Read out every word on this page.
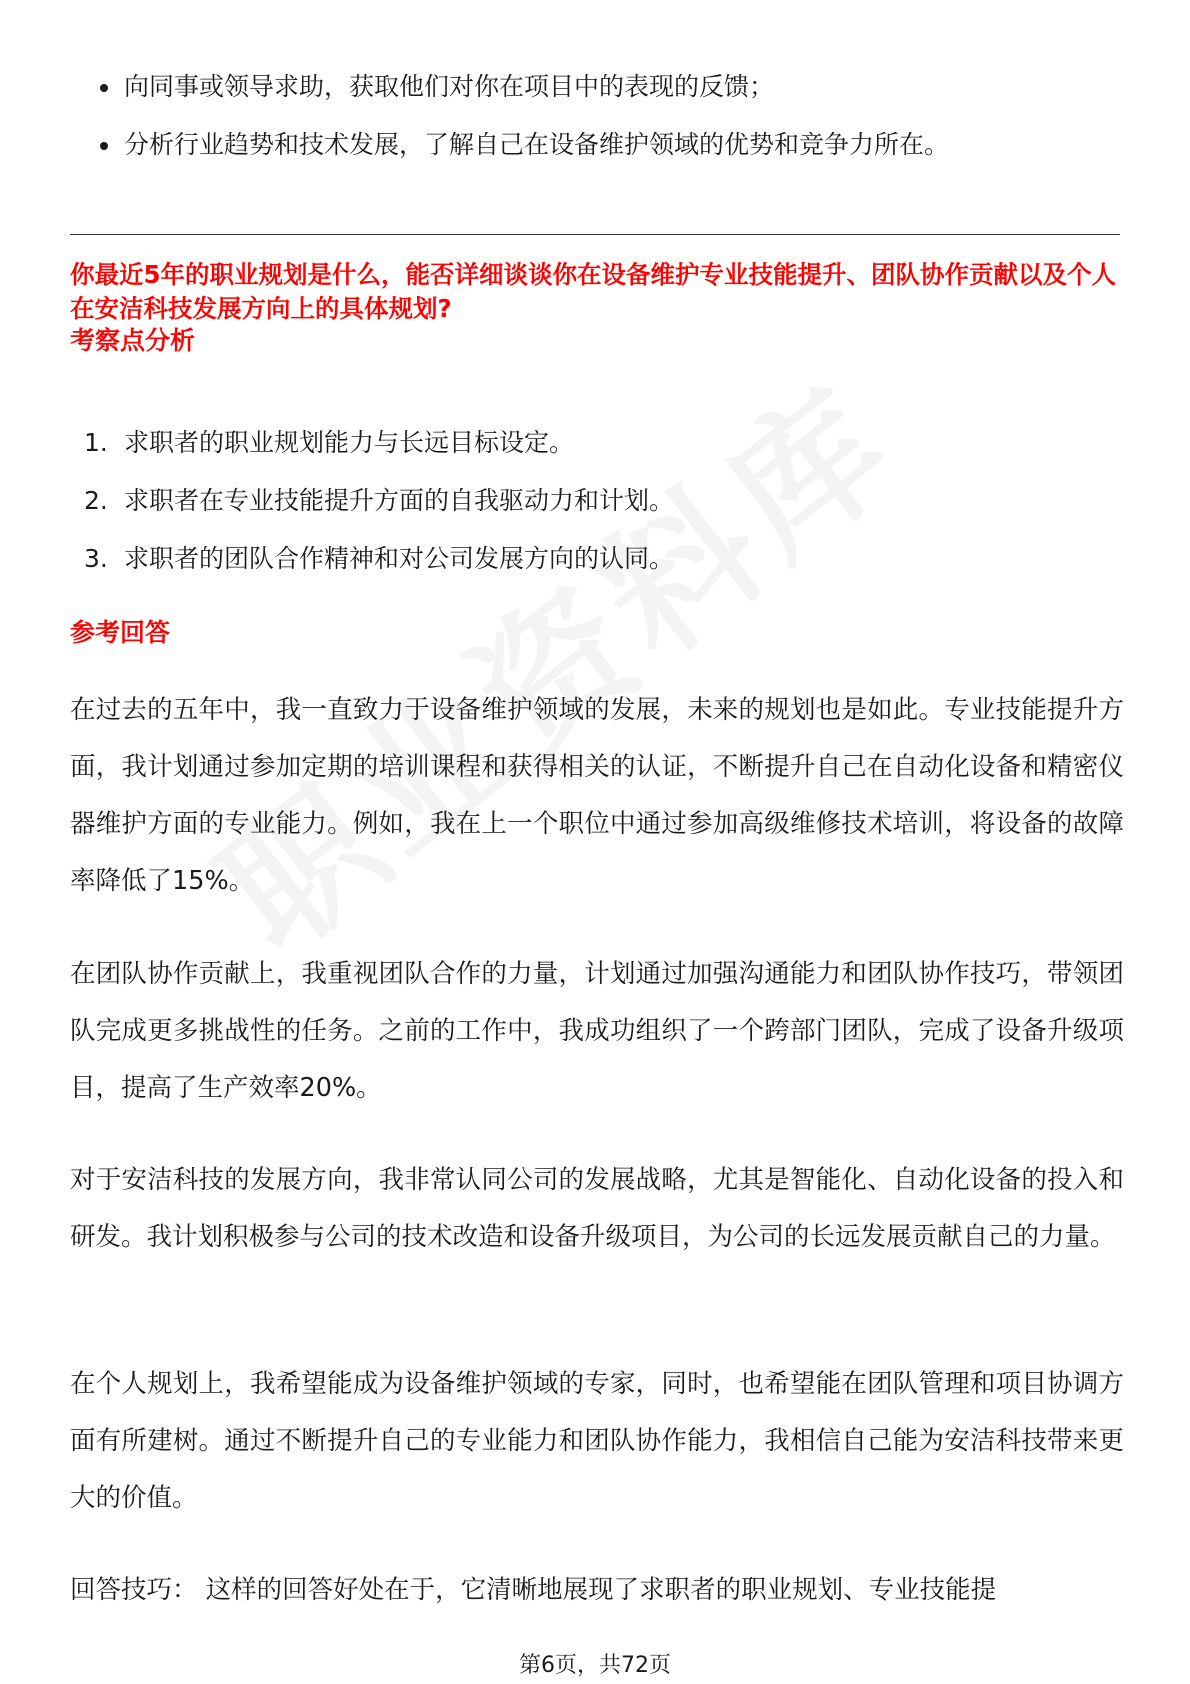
向同事或领导求助，获取他们对你在项目中的表现的反馈；
分析行业趋势和技术发展，了解自己在设备维护领域的优势和竞争力所在。
你最近5年的职业规划是什么，能否详细谈谈你在设备维护专业技能提升、团队协作贡献以及个人在安洁科技发展方向上的具体规划?
考察点分析
1. 求职者的职业规划能力与长远目标设定。
2. 求职者在专业技能提升方面的自我驱动力和计划。
3. 求职者的团队合作精神和对公司发展方向的认同。
参考回答

在过去的五年中，我一直致力于设备维护领域的发展，未来的规划也是如此。专业技能提升方面，我计划通过参加定期的培训课程和获得相关的认证，不断提升自己在自动化设备和精密仪器维护方面的专业能力。例如，我在上一个职位中通过参加高级维修技术培训，将设备的故障率降低了15%。

在团队协作贡献上，我重视团队合作的力量，计划通过加强沟通能力和团队协作技巧，带领团队完成更多挑战性的任务。之前的工作中，我成功组织了一个跨部门团队，完成了设备升级项目，提高了生产效率20%。

对于安洁科技的发展方向，我非常认同公司的发展战略，尤其是智能化、自动化设备的投入和研发。我计划积极参与公司的技术改造和设备升级项目，为公司的长远发展贡献自己的力量。

在个人规划上，我希望能成为设备维护领域的专家，同时，也希望能在团队管理和项目协调方面有所建树。通过不断提升自己的专业能力和团队协作能力，我相信自己能为安洁科技带来更大的价值。

回答技巧： 这样的回答好处在于，它清晰地展现了求职者的职业规划、专业技能提

第6页，共72页
